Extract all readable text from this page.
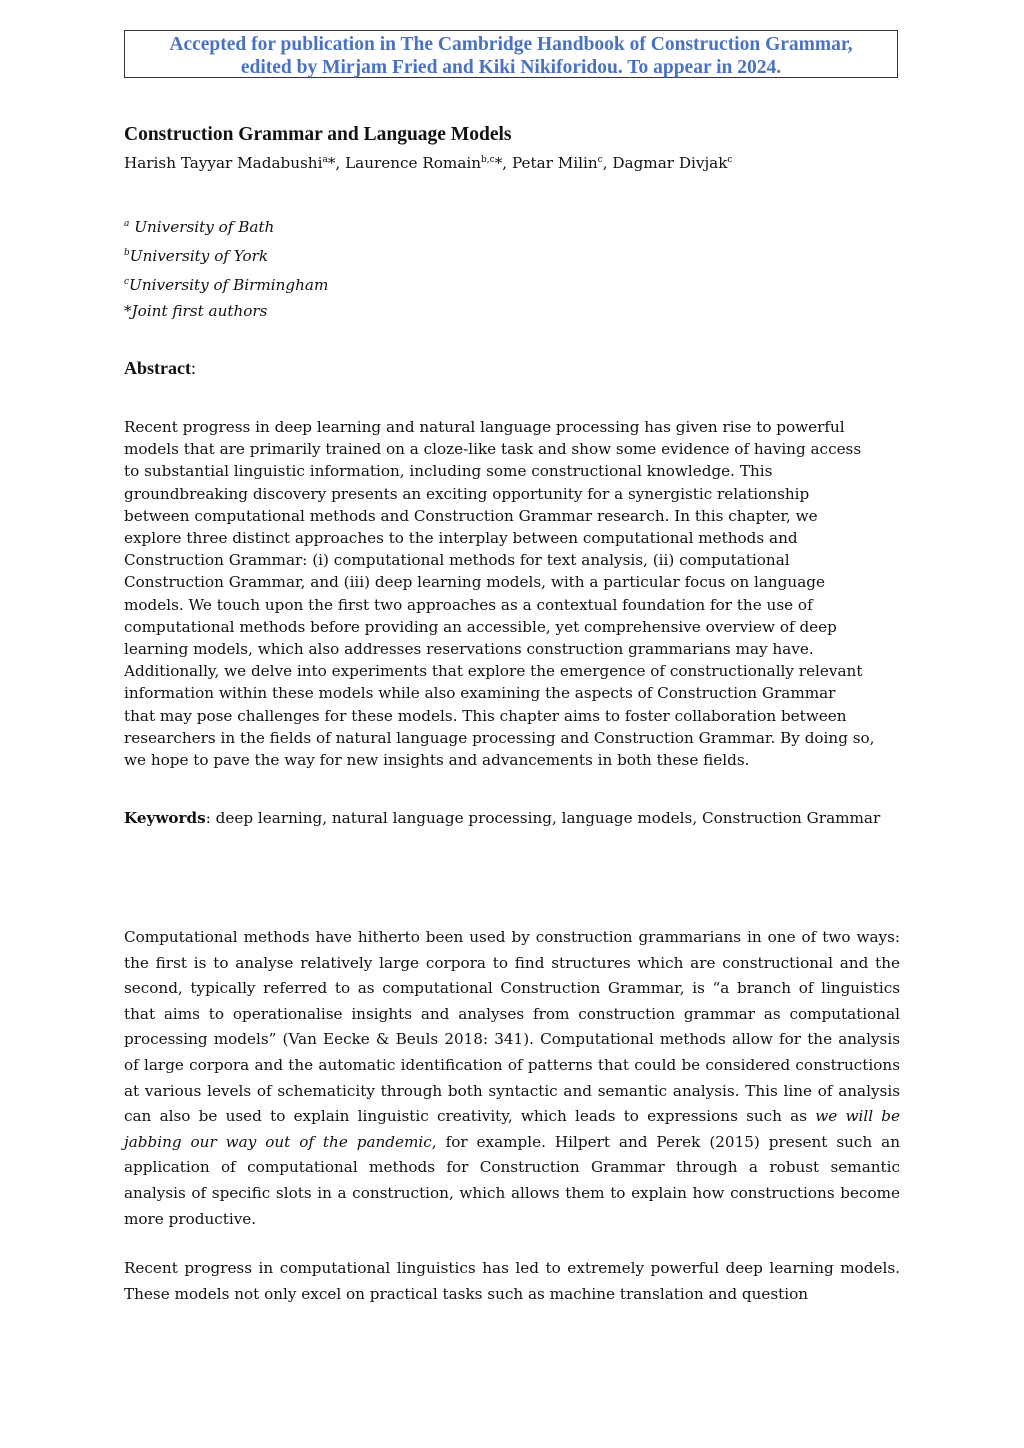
Accepted for publication in The Cambridge Handbook of Construction Grammar,
edited by Mirjam Fried and Kiki Nikiforidou. To appear in 2024.
Construction Grammar and Language Models
Harish Tayyar Madabushi$^a$*, Laurence Romain$^{b,c}$*, Petar Milin$^c$, Dagmar Divjak$^c$
$^a$ University of Bath
$^b$University of York
$^c$University of Birmingham
*Joint first authors
Abstract:
Recent progress in deep learning and natural language processing has given rise to powerful
models that are primarily trained on a cloze-like task and show some evidence of having access
to substantial linguistic information, including some constructional knowledge. This
groundbreaking discovery presents an exciting opportunity for a synergistic relationship
between computational methods and Construction Grammar research. In this chapter, we
explore three distinct approaches to the interplay between computational methods and
Construction Grammar: (i) computational methods for text analysis, (ii) computational
Construction Grammar, and (iii) deep learning models, with a particular focus on language
models. We touch upon the first two approaches as a contextual foundation for the use of
computational methods before providing an accessible, yet comprehensive overview of deep
learning models, which also addresses reservations construction grammarians may have.
Additionally, we delve into experiments that explore the emergence of constructionally relevant
information within these models while also examining the aspects of Construction Grammar
that may pose challenges for these models. This chapter aims to foster collaboration between
researchers in the fields of natural language processing and Construction Grammar. By doing so,
we hope to pave the way for new insights and advancements in both these fields.
Keywords: deep learning, natural language processing, language models, Construction Grammar

Computational methods have hitherto been used by construction grammarians in one of two ways: the first is to analyse relatively large corpora to find structures which are constructional and the second, typically referred to as computational Construction Grammar, is “a branch of linguistics that aims to operationalise insights and analyses from construction grammar as computational processing models” (Van Eecke & Beuls 2018: 341). Computational methods allow for the analysis of large corpora and the automatic identification of patterns that could be considered constructions at various levels of schematicity through both syntactic and semantic analysis. This line of analysis can also be used to explain linguistic creativity, which leads to expressions such as we will be jabbing our way out of the pandemic, for example. Hilpert and Perek (2015) present such an application of computational methods for Construction Grammar through a robust semantic analysis of specific slots in a construction, which allows them to explain how constructions become more productive.

Recent progress in computational linguistics has led to extremely powerful deep learning models. These models not only excel on practical tasks such as machine translation and question
